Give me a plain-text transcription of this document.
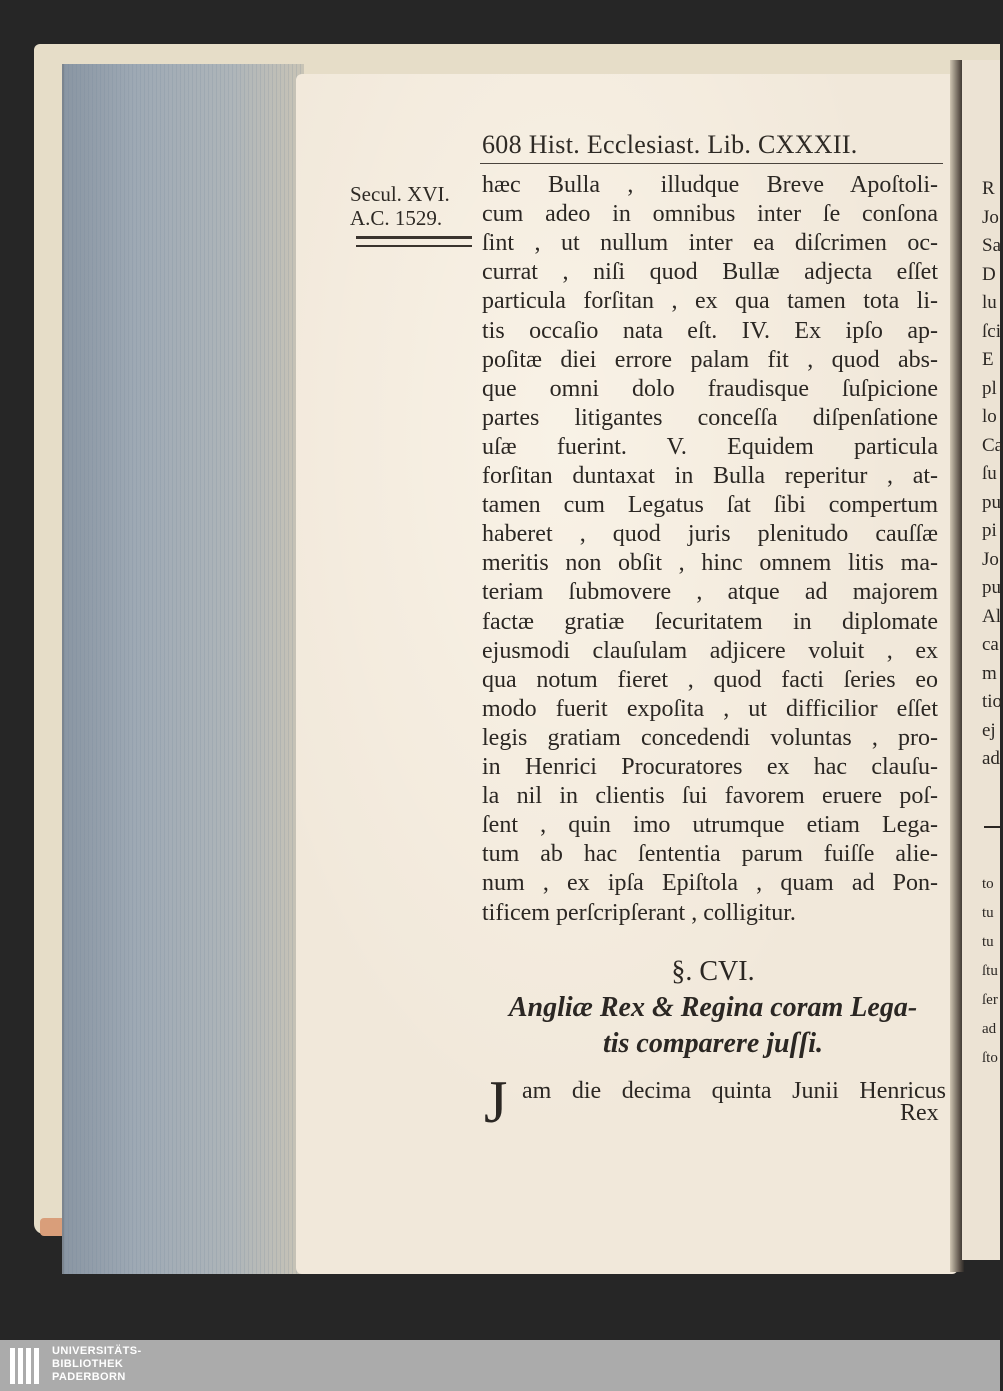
608 Hist. Ecclesiast. Lib. CXXXII.
Secul. XVI.
A.C. 1529.
hæc Bulla , illudque Breve Apoſtoli-
cum adeo in omnibus inter ſe conſona
ſint , ut nullum inter ea diſcrimen oc-
currat , niſi quod Bullæ adjecta eſſet
particula forſitan , ex qua tamen tota li-
tis occaſio nata eſt. IV. Ex ipſo ap-
poſitæ diei errore palam fit , quod abs-
que omni dolo fraudisque ſuſpicione
partes litigantes conceſſa diſpenſatione
uſæ fuerint. V. Equidem particula
forſitan duntaxat in Bulla reperitur , at-
tamen cum Legatus ſat ſibi compertum
haberet , quod juris plenitudo cauſſæ
meritis non obſit , hinc omnem litis ma-
teriam ſubmovere , atque ad majorem
factæ gratiæ ſecuritatem in diplomate
ejusmodi clauſulam adjicere voluit , ex
qua notum fieret , quod facti ſeries eo
modo fuerit expoſita , ut difficilior eſſet
legis gratiam concedendi voluntas , pro-
in Henrici Procuratores ex hac clauſu-
la nil in clientis ſui favorem eruere poſ-
ſent , quin imo utrumque etiam Lega-
tum ab hac ſententia parum fuiſſe alie-
num , ex ipſa Epiſtola , quam ad Pon-
tificem perſcripſerant , colligitur.
§. CVI.
Angliæ Rex & Regina coram Lega-
tis comparere juſſi.
J am die decima quinta Junii Henricus
Rex
R
Jo
Sa
D
lu
ſci
E
pl
lo
Ca
ſu
pu
pi
Jo
pu
Al
ca
m
tio
ej
ad
to
tu
tu
ſtu
ſer
ad
ſto
UNIVERSITÄTS-
BIBLIOTHEK
PADERBORN
